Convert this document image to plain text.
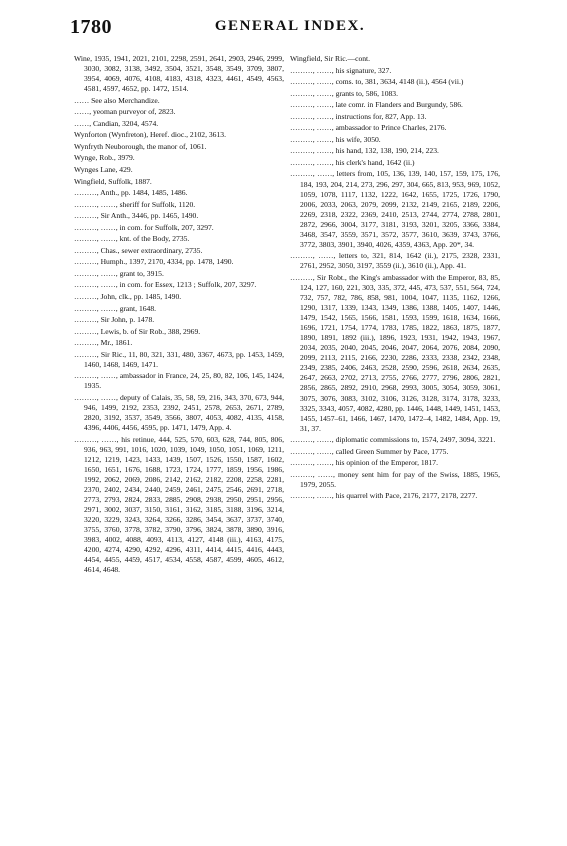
1780	GENERAL INDEX.

Wine, 1935, 1941, 2021, 2101, 2298, 2591, 2641, 2903, 2946, 2999, 3030, 3082, 3138, 3492, 3504, 3521, 3548, 3549, 3709, 3807, 3954, 4069, 4076, 4108, 4183, 4318, 4323, 4461, 4549, 4563, 4581, 4597, 4652, pp. 1472, 1514.

…… See also Merchandize.

……, yeoman purveyor of, 2823.

……, Candian, 3204, 4574.

Wynforton (Wynfreton), Heref. dioc., 2102, 3613.

Wynfryth Neuborough, the manor of, 1061.

Wynge, Rob., 3979.

Wynges Lane, 429.

Wingfield, Suffolk, 1887.

………, Anth., pp. 1484, 1485, 1486.

………, ……, sheriff for Suffolk, 1120.

………, Sir Anth., 3446, pp. 1465, 1490.

………, ……, in com. for Suffolk, 207, 3297.

………, ……, knt. of the Body, 2735.

………, Chas., sewer extraordinary, 2735.

………, Humph., 1397, 2170, 4334, pp. 1478, 1490.

………, ……, grant to, 3915.

………, ……, in com. for Essex, 1213 ; Suffolk, 207, 3297.

………, John, clk., pp. 1485, 1490.

………, ……, grant, 1648.

………, Sir John, p. 1478.

………, Lewis, b. of Sir Rob., 388, 2969.

………, Mr., 1861.

………, Sir Ric., 11, 80, 321, 331, 480, 3367, 4673, pp. 1453, 1459, 1460, 1468, 1469, 1471.

………, ……, ambassador in France, 24, 25, 80, 82, 106, 145, 1424, 1935.

………, ……, deputy of Calais, 35, 58, 59, 216, 343, 370, 673, 944, 946, 1499, 2192, 2353, 2392, 2451, 2578, 2653, 2671, 2789, 2820, 3192, 3537, 3549, 3566, 3807, 4053, 4082, 4135, 4158, 4396, 4406, 4456, 4595, pp. 1471, 1479, App. 4.

………, ……, his retinue, 444, 525, 570, 603, 628, 744, 805, 806, 936, 963, 991, 1016, 1020, 1039, 1049, 1050, 1051, 1069, 1211, 1212, 1219, 1423, 1433, 1439, 1507, 1526, 1550, 1587, 1602, 1650, 1651, 1676, 1688, 1723, 1724, 1777, 1859, 1956, 1986, 1992, 2062, 2069, 2086, 2142, 2162, 2182, 2208, 2258, 2281, 2370, 2402, 2434, 2440, 2459, 2461, 2475, 2546, 2691, 2718, 2773, 2793, 2824, 2833, 2885, 2908, 2938, 2950, 2951, 2956, 2971, 3002, 3037, 3150, 3161, 3162, 3185, 3188, 3196, 3214, 3220, 3229, 3243, 3264, 3266, 3286, 3454, 3637, 3737, 3740, 3755, 3760, 3778, 3782, 3790, 3796, 3824, 3878, 3890, 3916, 3983, 4002, 4088, 4093, 4113, 4127, 4148 (iii.), 4163, 4175, 4200, 4274, 4290, 4292, 4296, 4311, 4414, 4415, 4416, 4443, 4454, 4455, 4459, 4517, 4534, 4558, 4587, 4599, 4605, 4612, 4614, 4648.

Wingfield, Sir Ric.—cont.

………, ……, his signature, 327.

………, ……, coms. to, 381, 3634, 4148 (ii.), 4564 (vii.)

………, ……, grants to, 586, 1083.

………, ……, late comr. in Flanders and Burgundy, 586.

………, ……, instructions for, 827, App. 13.

………, ……, ambassador to Prince Charles, 2176.

………, ……, his wife, 3050.

………, ……, his hand, 132, 138, 190, 214, 223.

………, ……, his clerk's hand, 1642 (ii.)

………, ……, letters from, 105, 136, 139, 140, 157, 159, 175, 176, 184, 193, 204, 214, 273, 296, 297, 304, 665, 813, 953, 969, 1052, 1059, 1078, 1117, 1132, 1222, 1642, 1655, 1725, 1726, 1790, 2006, 2033, 2063, 2079, 2099, 2132, 2149, 2165, 2189, 2206, 2269, 2318, 2322, 2369, 2410, 2513, 2744, 2774, 2788, 2801, 2872, 2966, 3004, 3177, 3181, 3193, 3201, 3205, 3366, 3384, 3468, 3547, 3559, 3571, 3572, 3577, 3610, 3639, 3743, 3766, 3772, 3803, 3901, 3940, 4026, 4359, 4363, App. 20*, 34.

………, ……, letters to, 321, 814, 1642 (ii.), 2175, 2328, 2331, 2761, 2952, 3050, 3197, 3559 (ii.), 3610 (ii.), App. 41.

………, Sir Robt., the King's ambassador with the Emperor, 83, 85, 124, 127, 160, 221, 303, 335, 372, 445, 473, 537, 551, 564, 724, 732, 757, 782, 786, 858, 981, 1004, 1047, 1135, 1162, 1266, 1290, 1317, 1339, 1343, 1349, 1386, 1388, 1405, 1407, 1446, 1479, 1542, 1565, 1566, 1581, 1593, 1599, 1618, 1634, 1666, 1696, 1721, 1754, 1774, 1783, 1785, 1822, 1863, 1875, 1877, 1890, 1891, 1892 (iii.), 1896, 1923, 1931, 1942, 1943, 1967, 2034, 2035, 2040, 2045, 2046, 2047, 2064, 2076, 2084, 2090, 2099, 2113, 2115, 2166, 2230, 2286, 2333, 2338, 2342, 2348, 2349, 2385, 2406, 2463, 2528, 2590, 2596, 2618, 2634, 2635, 2647, 2663, 2702, 2713, 2755, 2766, 2777, 2796, 2806, 2821, 2856, 2865, 2892, 2910, 2968, 2993, 3005, 3054, 3059, 3061, 3075, 3076, 3083, 3102, 3106, 3126, 3128, 3174, 3178, 3233, 3325, 3343, 4057, 4082, 4280, pp. 1446, 1448, 1449, 1451, 1453, 1455, 1457–61, 1466, 1467, 1470, 1472–4, 1482, 1484, App. 19, 31, 37.

………, ……, diplomatic commissions to, 1574, 2497, 3094, 3221.

………, ……, called Green Summer by Pace, 1775.

………, ……, his opinion of the Emperor, 1817.

………, ……, money sent him for pay of the Swiss, 1885, 1965, 1979, 2055.

………, ……, his quarrel with Pace, 2176, 2177, 2178, 2277.
